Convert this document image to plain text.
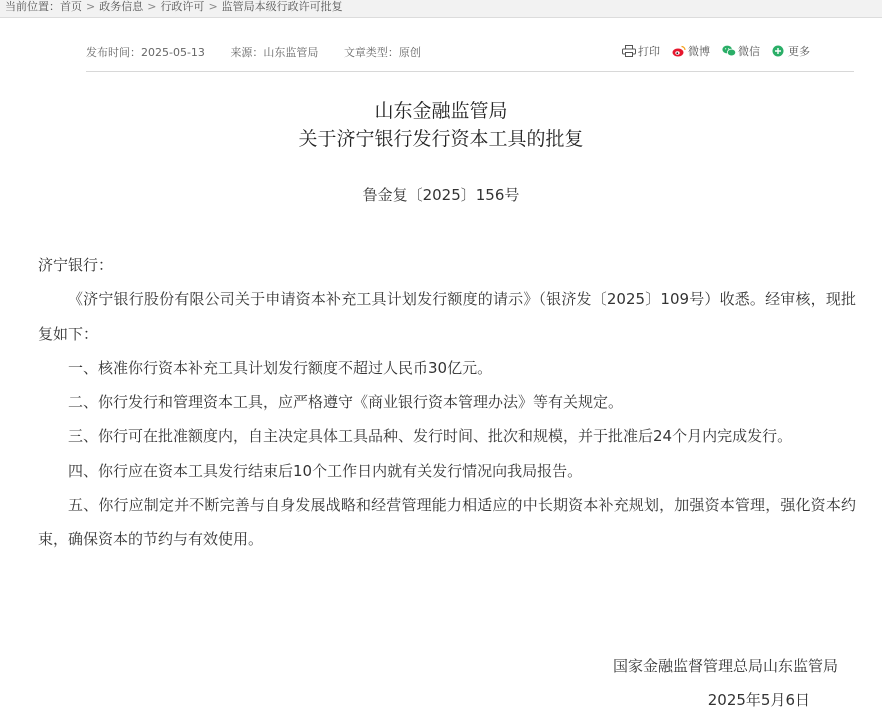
当前位置：首页 > 政务信息 > 行政许可 > 监管局本级行政许可批复
发布时间：2025-05-13 来源：山东监管局 文章类型：原创	打印	微博	微信	更多
山东金融监管局
关于济宁银行发行资本工具的批复
鲁金复〔2025〕156号

济宁银行：

《济宁银行股份有限公司关于申请资本补充工具计划发行额度的请示》（银济发〔2025〕109号）收悉。经审核，现批复如下：

一、核准你行资本补充工具计划发行额度不超过人民币30亿元。

二、你行发行和管理资本工具，应严格遵守《商业银行资本管理办法》等有关规定。

三、你行可在批准额度内，自主决定具体工具品种、发行时间、批次和规模，并于批准后24个月内完成发行。

四、你行应在资本工具发行结束后10个工作日内就有关发行情况向我局报告。

五、你行应制定并不断完善与自身发展战略和经营管理能力相适应的中长期资本补充规划，加强资本管理，强化资本约束，确保资本的节约与有效使用。

国家金融监督管理总局山东监管局
2025年5月6日
